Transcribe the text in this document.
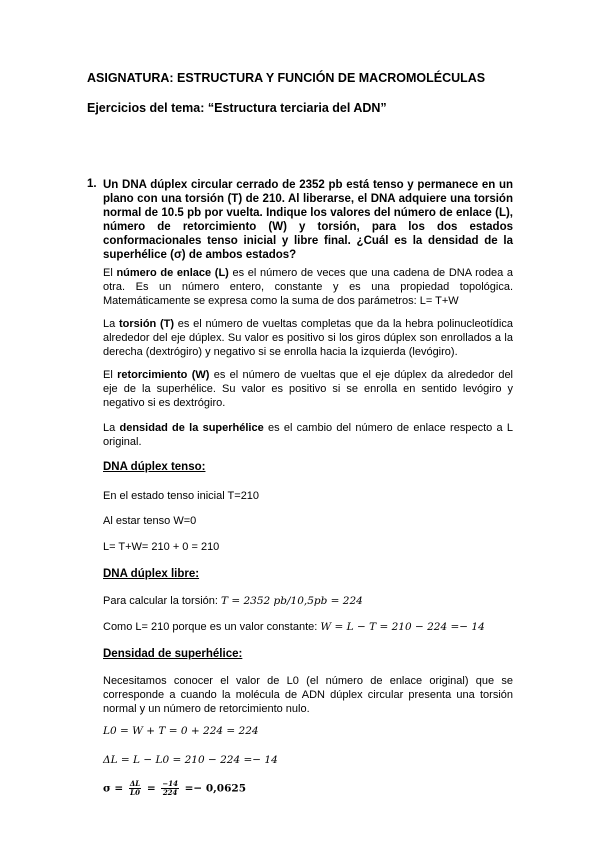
ASIGNATURA: ESTRUCTURA Y FUNCIÓN DE MACROMOLÉCULAS
Ejercicios del tema: “Estructura terciaria del ADN”
1. Un DNA dúplex circular cerrado de 2352 pb está tenso y permanece en un plano con una torsión (T) de 210. Al liberarse, el DNA adquiere una torsión normal de 10.5 pb por vuelta. Indique los valores del número de enlace (L), número de retorcimiento (W) y torsión, para los dos estados conformacionales tenso inicial y libre final. ¿Cuál es la densidad de la superhélice (σ) de ambos estados?
El número de enlace (L) es el número de veces que una cadena de DNA rodea a otra. Es un número entero, constante y es una propiedad topológica. Matemáticamente se expresa como la suma de dos parámetros: L= T+W
La torsión (T) es el número de vueltas completas que da la hebra polinucleotídica alrededor del eje dúplex. Su valor es positivo si los giros dúplex son enrollados a la derecha (dextrógiro) y negativo si se enrolla hacia la izquierda (levógiro).
El retorcimiento (W) es el número de vueltas que el eje dúplex da alrededor del eje de la superhélice. Su valor es positivo si se enrolla en sentido levógiro y negativo si es dextrógiro.
La densidad de la superhélice es el cambio del número de enlace respecto a L original.
DNA dúplex tenso:
En el estado tenso inicial T=210
Al estar tenso W=0
L= T+W= 210 + 0 = 210
DNA dúplex libre:
Para calcular la torsión: T = 2352 pb/10,5pb = 224
Como L= 210 porque es un valor constante: W = L − T = 210 − 224 =− 14
Densidad de superhélice:
Necesitamos conocer el valor de L0 (el número de enlace original) que se corresponde a cuando la molécula de ADN dúplex circular presenta una torsión normal y un número de retorcimiento nulo.
L0 = W + T = 0 + 224 = 224
ΔL = L − L0 = 210 − 224 =− 14
$\sigma = \frac{\Delta L}{L0} = \frac{-14}{224} =- 0,0625$
